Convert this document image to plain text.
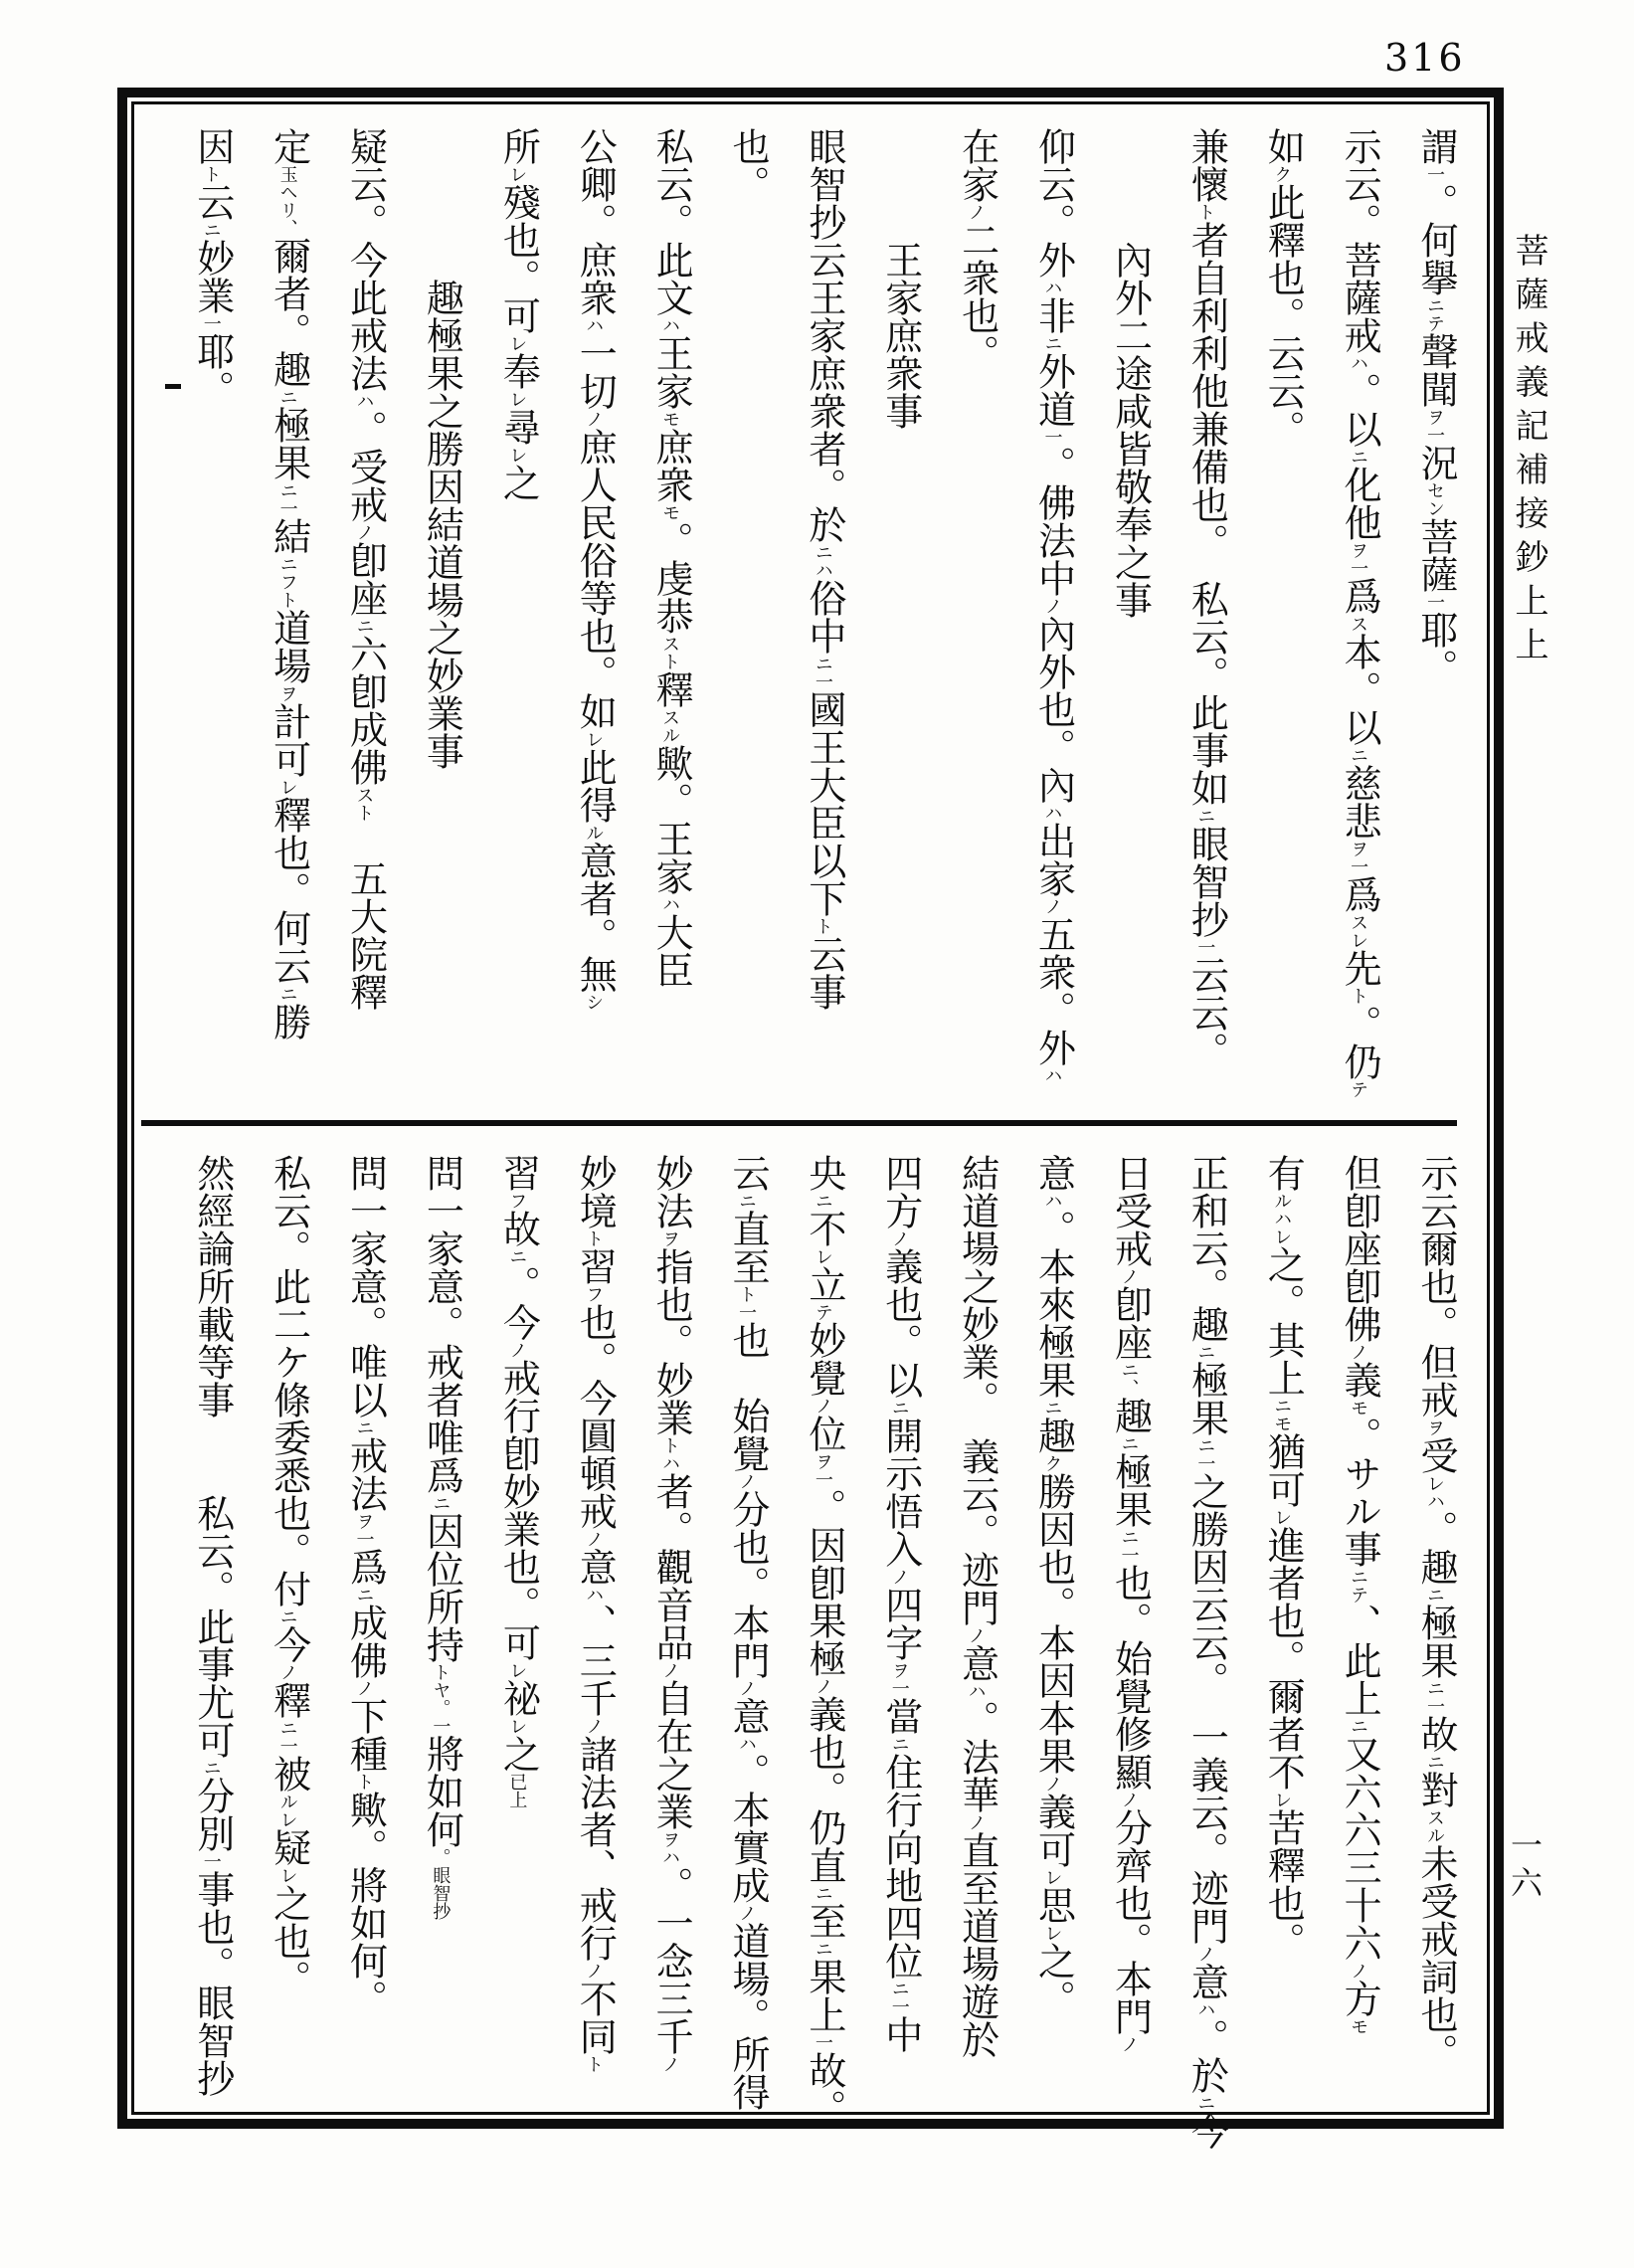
316

謂一。何擧ニテ聲聞ヲ一況セン菩薩一耶。

示云。菩薩戒ハ。以ニ化他ヲ一爲ス本。以ニ慈悲ヲ一爲スレ先ト。仍テ

如ク此釋也。云云。

兼懷ト者自利利他兼備也。　私云。此事如ニ眼智抄一云云。

　　　內外二途咸皆敬奉之事

仰云。外ハ非ニ外道一。佛法中ノ內外也。內ハ出家ノ五衆。外ハ

在家ノ二衆也。

　　　王家庶衆事

眼智抄云王家庶衆者。於ニハ俗中ニ一國王大臣以下ト云事

也。

私云。此文ハ王家モ庶衆モ。虔恭スト釋スル歟。王家ハ大臣

公卿。庶衆ハ一切ノ庶人民俗等也。如レ此得ル意者。無シ

所レ殘也。可レ奉レ尋レ之

　　　　趣極果之勝因結道場之妙業事

疑云。今此戒法ハ。受戒ノ卽座ニ六卽成佛スト　五大院釋

定玉ヘリ、爾者。趣ニ極果ニ一結ニフト道場ヲ計可レ釋也。何云ニ勝

因ト云ニ妙業一耶。

示云爾也。但戒ヲ受レハ。趣ニ極果ニ一故ニ對スル未受戒詞也。

但卽座卽佛ノ義モ。サル事ニテ、此上ニ又六六三十六ノ方モ

有ルハレ之。其上ニモ猶可レ進者也。爾者不レ苦釋也。

正和云。趣ニ極果ニ一之勝因云云。　一義云。迹門ノ意ハ。於ニ今

日受戒ノ卽座ニ、趣ニ極果ニ一也。始覺修顯ノ分齊也。本門ノ

意ハ。本來極果ニ趣ク勝因也。本因本果ノ義可レ思レ之。

結道場之妙業。　義云。迹門ノ意ハ。法華ノ直至道場遊於

四方ノ義也。以ニ開示悟入ノ四字ヲ一當ニ住行向地四位ニ一中

央ニ不レ立テ妙覺ノ位ヲ一。因卽果極ノ義也。仍直ニ至ニ果上一故。

云ニ直至ト一也　始覺ノ分也。本門ノ意ハ。本實成ノ道場。所得

妙法ヲ指也。妙業トハ者。觀音品ノ自在之業ヲハ。一念三千ノ

妙境ト習フ也。今圓頓戒ノ意ハ、三千ノ諸法者、戒行ノ不同ト

習フ故ニ。今ノ戒行卽妙業也。可レ祕レ之已上

問一家意。戒者唯爲ニ因位所持トヤ。一將如何。眼智抄

問一家意。唯以ニ戒法ヲ一爲ニ成佛ノ下種ト歟。將如何。

私云。此二ケ條委悉也。付ニ今ノ釋ニ一被ルレ疑レ之也。

然經論所載等事　　私云。此事尤可ニ分別一事也。眼智抄

菩薩戒義記補接鈔上上
一六
